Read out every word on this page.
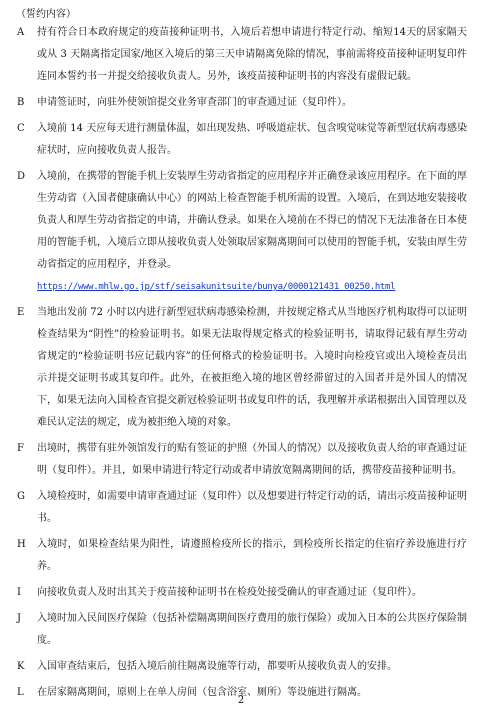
（誓约内容）
A	持有符合日本政府规定的疫苗接种证明书，入境后若想申请进行特定行动、缩短14天的居家隔天或从 3 天隔离指定国家/地区入境后的第三天申请隔离免除的情况，事前需将疫苗接种证明复印件连同本誓约书一并提交给接收负责人。另外，该疫苗接种证明书的内容没有虚假记载。
B	申请签证时，向驻外使领馆提交业务审查部门的审查通过证（复印件）。
C	入境前 14 天应每天进行测量体温，如出现发热、呼吸道症状、包含嗅觉味觉等新型冠状病毒感染症状时，应向接收负责人报告。
D	入境前，在携带的智能手机上安装厚生劳动省指定的应用程序并正确登录该应用程序。在下面的厚生劳动省（入国者健康确认中心）的网站上检查智能手机所需的设置。入境后，在到达地安装接收负责人和厚生劳动省指定的申请，并确认登录。如果在入境前在不得已的情况下无法准备在日本使用的智能手机，入境后立即从接收负责人处领取居家隔离期间可以使用的智能手机，安装由厚生劳动省指定的应用程序，并登录。
https://www.mhlw.go.jp/stf/seisakunitsuite/bunya/0000121431_00250.html
E	当地出发前 72 小时以内进行新型冠状病毒感染检测，并按规定格式从当地医疗机构取得可以证明检查结果为“阴性”的检验证明书。如果无法取得规定格式的检验证明书，请取得记载有厚生劳动省规定的“检验证明书应记载内容”的任何格式的检验证明书。入境时向检疫官或出入境检查员出示并提交证明书或其复印件。此外，在被拒绝入境的地区曾经滞留过的入国者并是外国人的情况下，如果无法向入国检查官提交新冠检验证明书或复印件的话，我理解并承诺根据出入国管理以及难民认定法的规定，成为被拒绝入境的对象。
F	出境时，携带有驻外领馆发行的贴有签证的护照（外国人的情况）以及接收负责人给的审查通过证明（复印件）。并且，如果申请进行特定行动或者申请放宽隔离期间的话，携带疫苗接种证明书。
G	入境检疫时，如需要申请审查通过证（复印件）以及想要进行特定行动的话，请出示疫苗接种证明书。
H	入境时，如果检查结果为阳性，请遵照检疫所长的指示，到检疫所长指定的住宿疗养设施进行疗养。
I	向接收负责人及时出其关于疫苗接种证明书在检疫处接受确认的审查通过证（复印件）。
J	入境时加入民间医疗保险（包括补偿隔离期间医疗费用的旅行保险）或加入日本的公共医疗保险制度。
K	入国审查结束后，包括入境后前往隔离设施等行动，都要听从接收负责人的安排。
L	在居家隔离期间，原则上在单人房间（包含浴室、厕所）等设施进行隔离。
2
